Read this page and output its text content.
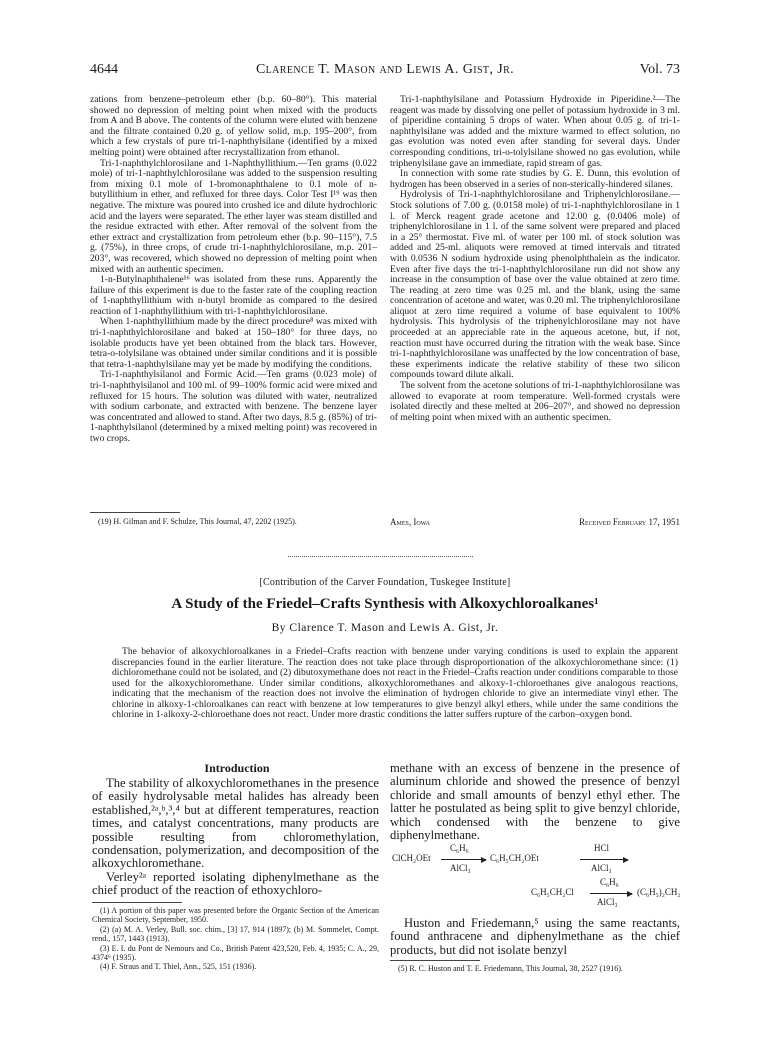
4644	Clarence T. Mason and Lewis A. Gist, Jr.	Vol. 73

zations from benzene–petroleum ether (b.p. 60–80°). This material showed no depression of melting point when mixed with the products from A and B above. The contents of the column were eluted with benzene and the filtrate contained 0.20 g. of yellow solid, m.p. 195–200°, from which a few crystals of pure tri-1-naphthylsilane (identified by a mixed melting point) were obtained after recrystallization from ethanol.

Tri-1-naphthylchlorosilane and 1-Naphthyllithium.—Ten grams (0.022 mole) of tri-1-naphthylchlorosilane was added to the suspension resulting from mixing 0.1 mole of 1-bromonaphthalene to 0.1 mole of n-butyllithium in ether, and refluxed for three days. Color Test I¹⁹ was then negative. The mixture was poured into crushed ice and dilute hydrochloric acid and the layers were separated. The ether layer was steam distilled and the residue extracted with ether. After removal of the solvent from the ether extract and crystallization from petroleum ether (b.p. 90–115°), 7.5 g. (75%), in three crops, of crude tri-1-naphthylchlorosilane, m.p. 201–203°, was recovered, which showed no depression of melting point when mixed with an authentic specimen.

1-n-Butylnaphthalene¹⁶ was isolated from these runs. Apparently the failure of this experiment is due to the faster rate of the coupling reaction of 1-naphthyllithium with n-butyl bromide as compared to the desired reaction of 1-naphthyllithium with tri-1-naphthylchlorosilane.

When 1-naphthyllithium made by the direct procedure⁸ was mixed with tri-1-naphthylchlorosilane and baked at 150–180° for three days, no isolable products have yet been obtained from the black tars. However, tetra-o-tolylsilane was obtained under similar conditions and it is possible that tetra-1-naphthylsilane may yet be made by modifying the conditions.

Tri-1-naphthylsilanol and Formic Acid.—Ten grams (0.023 mole) of tri-1-naphthylsilanol and 100 ml. of 99–100% formic acid were mixed and refluxed for 15 hours. The solution was diluted with water, neutralized with sodium carbonate, and extracted with benzene. The benzene layer was concentrated and allowed to stand. After two days, 8.5 g. (85%) of tri-1-naphthylsilanol (determined by a mixed melting point) was recovered in two crops.

(19) H. Gilman and F. Schulze, This Journal, 47, 2202 (1925).

Tri-1-naphthylsilane and Potassium Hydroxide in Piperidine.²—The reagent was made by dissolving one pellet of potassium hydroxide in 3 ml. of piperidine containing 5 drops of water. When about 0.05 g. of tri-1-naphthylsilane was added and the mixture warmed to effect solution, no gas evolution was noted even after standing for several days. Under corresponding conditions, tri-o-tolylsilane showed no gas evolution, while triphenylsilane gave an immediate, rapid stream of gas.

In connection with some rate studies by G. E. Dunn, this evolution of hydrogen has been observed in a series of non-sterically-hindered silanes.

Hydrolysis of Tri-1-naphthylchlorosilane and Triphenylchlorosilane.—Stock solutions of 7.00 g. (0.0158 mole) of tri-1-naphthylchlorosilane in 1 l. of Merck reagent grade acetone and 12.00 g. (0.0406 mole) of triphenylchlorosilane in 1 l. of the same solvent were prepared and placed in a 25° thermostat. Five ml. of water per 100 ml. of stock solution was added and 25-ml. aliquots were removed at timed intervals and titrated with 0.0536 N sodium hydroxide using phenolphthalein as the indicator. Even after five days the tri-1-naphthylchlorosilane run did not show any increase in the consumption of base over the value obtained at zero time. The reading at zero time was 0.25 ml. and the blank, using the same concentration of acetone and water, was 0.20 ml. The triphenylchlorosilane aliquot at zero time required a volume of base equivalent to 100% hydrolysis. This hydrolysis of the triphenylchlorosilane may not have proceeded at an appreciable rate in the aqueous acetone, but, if not, reaction must have occurred during the titration with the weak base. Since tri-1-naphthylchlorosilane was unaffected by the low concentration of base, these experiments indicate the relative stability of these two silicon compounds toward dilute alkali.

The solvent from the acetone solutions of tri-1-naphthylchlorosilane was allowed to evaporate at room temperature. Well-formed crystals were isolated directly and these melted at 206–207°, and showed no depression of melting point when mixed with an authentic specimen.

Ames, Iowa	Received February 17, 1951
[Contribution of the Carver Foundation, Tuskegee Institute]
A Study of the Friedel–Crafts Synthesis with Alkoxychloroalkanes¹
By Clarence T. Mason and Lewis A. Gist, Jr.

The behavior of alkoxychloroalkanes in a Friedel–Crafts reaction with benzene under varying conditions is used to explain the apparent discrepancies found in the earlier literature. The reaction does not take place through disproportionation of the alkoxychloromethane since: (1) dichloromethane could not be isolated, and (2) dibutoxymethane does not react in the Friedel–Crafts reaction under conditions comparable to those used for the alkoxychloromethane. Under similar conditions, alkoxychloromethanes and alkoxy-1-chloroethanes give analogous reactions, indicating that the mechanism of the reaction does not involve the elimination of hydrogen chloride to give an intermediate vinyl ether. The chlorine in alkoxy-1-chloroalkanes can react with benzene at low temperatures to give benzyl alkyl ethers, while under the same conditions the chlorine in 1-alkoxy-2-chloroethane does not react. Under more drastic conditions the latter suffers rupture of the carbon–oxygen bond.

Introduction

The stability of alkoxychloromethanes in the presence of easily hydrolysable metal halides has already been established,²ᵃ,ᵇ,³,⁴ but at different temperatures, reaction times, and catalyst concentrations, many products are possible resulting from chloromethylation, condensation, polymerization, and decomposition of the alkoxychloromethane.

Verley²ᵃ reported isolating diphenylmethane as the chief product of the reaction of ethoxychloro-

(1) A portion of this paper was presented before the Organic Section of the American Chemical Society, September, 1950.

(2) (a) M. A. Verley, Bull. soc. chim., [3] 17, 914 (1897); (b) M. Sommelet, Compt. rend., 157, 1443 (1913).

(3) E. I. du Pont de Nemours and Co., British Patent 423,520, Feb. 4, 1935; C. A., 29, 4374⁶ (1935).

(4) F. Straus and T. Thiel, Ann., 525, 151 (1936).

methane with an excess of benzene in the presence of aluminum chloride and showed the presence of benzyl chloride and small amounts of benzyl ethyl ether. The latter he postulated as being split to give benzyl chloride, which condensed with the benzene to give diphenylmethane.

ClCH₂OEt
C₆H₆
AlCl₃
C₆H₅CH₂OEt
HCl
AlCl₃
C₆H₅CH₂Cl
C₆H₆
AlCl₃
(C₆H₅)₂CH₂

Huston and Friedemann,⁵ using the same reactants, found anthracene and diphenylmethane as the chief products, but did not isolate benzyl

(5) R. C. Huston and T. E. Friedemann, This Journal, 38, 2527 (1916).
